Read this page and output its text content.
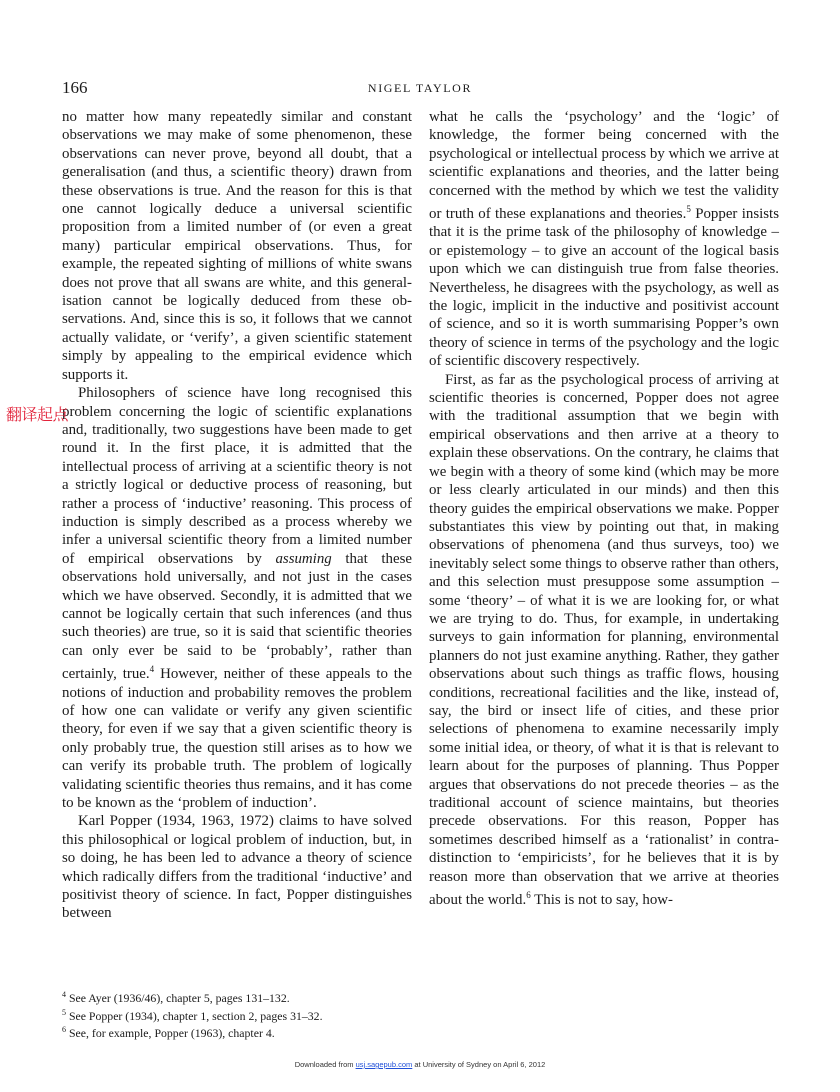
166	NIGEL TAYLOR

no matter how many repeatedly similar and constant observations we may make of some phenomenon, these observations can never prove, beyond all doubt, that a generalisation (and thus, a scientific theory) drawn from these observations is true. And the reason for this is that one cannot logically deduce a universal scientific proposition from a limited number of (or even a great many) particular empirical observations. Thus, for example, the repeated sighting of millions of white swans does not prove that all swans are white, and this generalisation cannot be logically deduced from these observations. And, since this is so, it follows that we cannot actually validate, or ‘verify’, a given scientific statement simply by appealing to the empirical evidence which supports it.

Philosophers of science have long recognised this problem concerning the logic of scientific explanations and, traditionally, two suggestions have been made to get round it. In the first place, it is admitted that the intellectual process of arriving at a scientific theory is not a strictly logical or deductive process of reasoning, but rather a process of ‘inductive’ reasoning. This process of induction is simply described as a process whereby we infer a universal scientific theory from a limited number of empirical observations by assuming that these observations hold universally, and not just in the cases which we have observed. Secondly, it is admitted that we cannot be logically certain that such inferences (and thus such theories) are true, so it is said that scientific theories can only ever be said to be ‘probably’, rather than certainly, true.$^4$ However, neither of these appeals to the notions of induction and probability removes the problem of how one can validate or verify any given scientific theory, for even if we say that a given scientific theory is only probably true, the question still arises as to how we can verify its probable truth. The problem of logically validating scientific theories thus remains, and it has come to be known as the ‘problem of induction’.

Karl Popper (1934, 1963, 1972) claims to have solved this philosophical or logical problem of induction, but, in so doing, he has been led to advance a theory of science which radically differs from the traditional ‘inductive’ and positivist theory of science. In fact, Popper distinguishes between

翻译起点

what he calls the ‘psychology’ and the ‘logic’ of knowledge, the former being concerned with the psychological or intellectual process by which we arrive at scientific explanations and theories, and the latter being concerned with the method by which we test the validity or truth of these explanations and theories.$^5$ Popper insists that it is the prime task of the philosophy of knowledge – or epistemology – to give an account of the logical basis upon which we can distinguish true from false theories. Nevertheless, he disagrees with the psychology, as well as the logic, implicit in the inductive and positivist account of science, and so it is worth summarising Popper’s own theory of science in terms of the psychology and the logic of scientific discovery respectively.

First, as far as the psychological process of arriving at scientific theories is concerned, Popper does not agree with the traditional assumption that we begin with empirical observations and then arrive at a theory to explain these observations. On the contrary, he claims that we begin with a theory of some kind (which may be more or less clearly articulated in our minds) and then this theory guides the empirical observations we make. Popper substantiates this view by pointing out that, in making observations of phenomena (and thus surveys, too) we inevitably select some things to observe rather than others, and this selection must presuppose some assumption – some ‘theory’ – of what it is we are looking for, or what we are trying to do. Thus, for example, in undertaking surveys to gain information for planning, environmental planners do not just examine anything. Rather, they gather observations about such things as traffic flows, housing conditions, recreational facilities and the like, instead of, say, the bird or insect life of cities, and these prior selections of phenomena to examine necessarily imply some initial idea, or theory, of what it is that is relevant to learn about for the purposes of planning. Thus Popper argues that observations do not precede theories – as the traditional account of science maintains, but theories precede observations. For this reason, Popper has sometimes described himself as a ‘rationalist’ in contradistinction to ‘empiricists’, for he believes that it is by reason more than observation that we arrive at theories about the world.$^6$ This is not to say, how-

$^4$ See Ayer (1936/46), chapter 5, pages 131–132.
$^5$ See Popper (1934), chapter 1, section 2, pages 31–32.
$^6$ See, for example, Popper (1963), chapter 4.
Downloaded from usj.sagepub.com at University of Sydney on April 6, 2012
